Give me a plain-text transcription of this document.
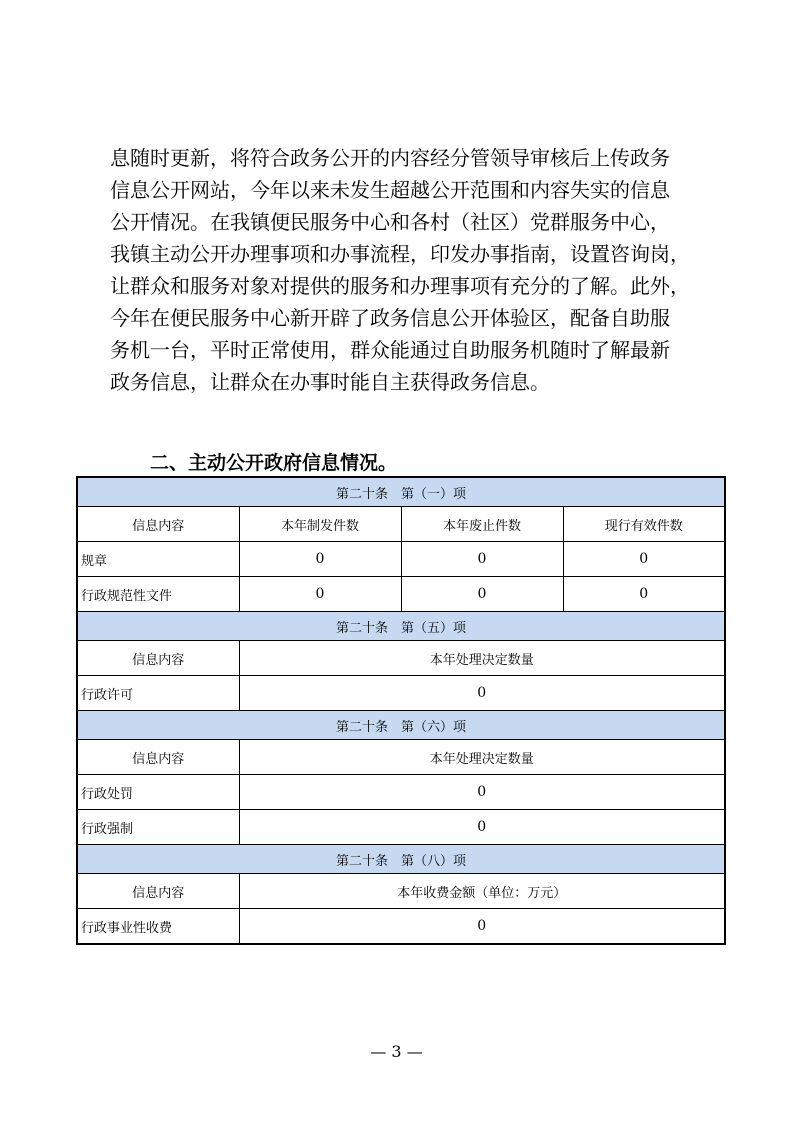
息随时更新，将符合政务公开的内容经分管领导审核后上传政务
信息公开网站，今年以来未发生超越公开范围和内容失实的信息
公开情况。在我镇便民服务中心和各村（社区）党群服务中心，
我镇主动公开办理事项和办事流程，印发办事指南，设置咨询岗，
让群众和服务对象对提供的服务和办理事项有充分的了解。此外，
今年在便民服务中心新开辟了政务信息公开体验区，配备自助服
务机一台，平时正常使用，群众能通过自助服务机随时了解最新
政务信息，让群众在办事时能自主获得政务信息。
二、主动公开政府信息情况。
第二十条　第（一）项			
信息内容	本年制发件数	本年废止件数	现行有效件数
规章	0	0	0
行政规范性文件	0	0	0
第二十条　第（五）项			
信息内容	本年处理决定数量		
行政许可	0		
第二十条　第（六）项			
信息内容	本年处理决定数量		
行政处罚	0		
行政强制	0		
第二十条　第（八）项			
信息内容	本年收费金额（单位：万元）		
行政事业性收费	0		
— 3 —
